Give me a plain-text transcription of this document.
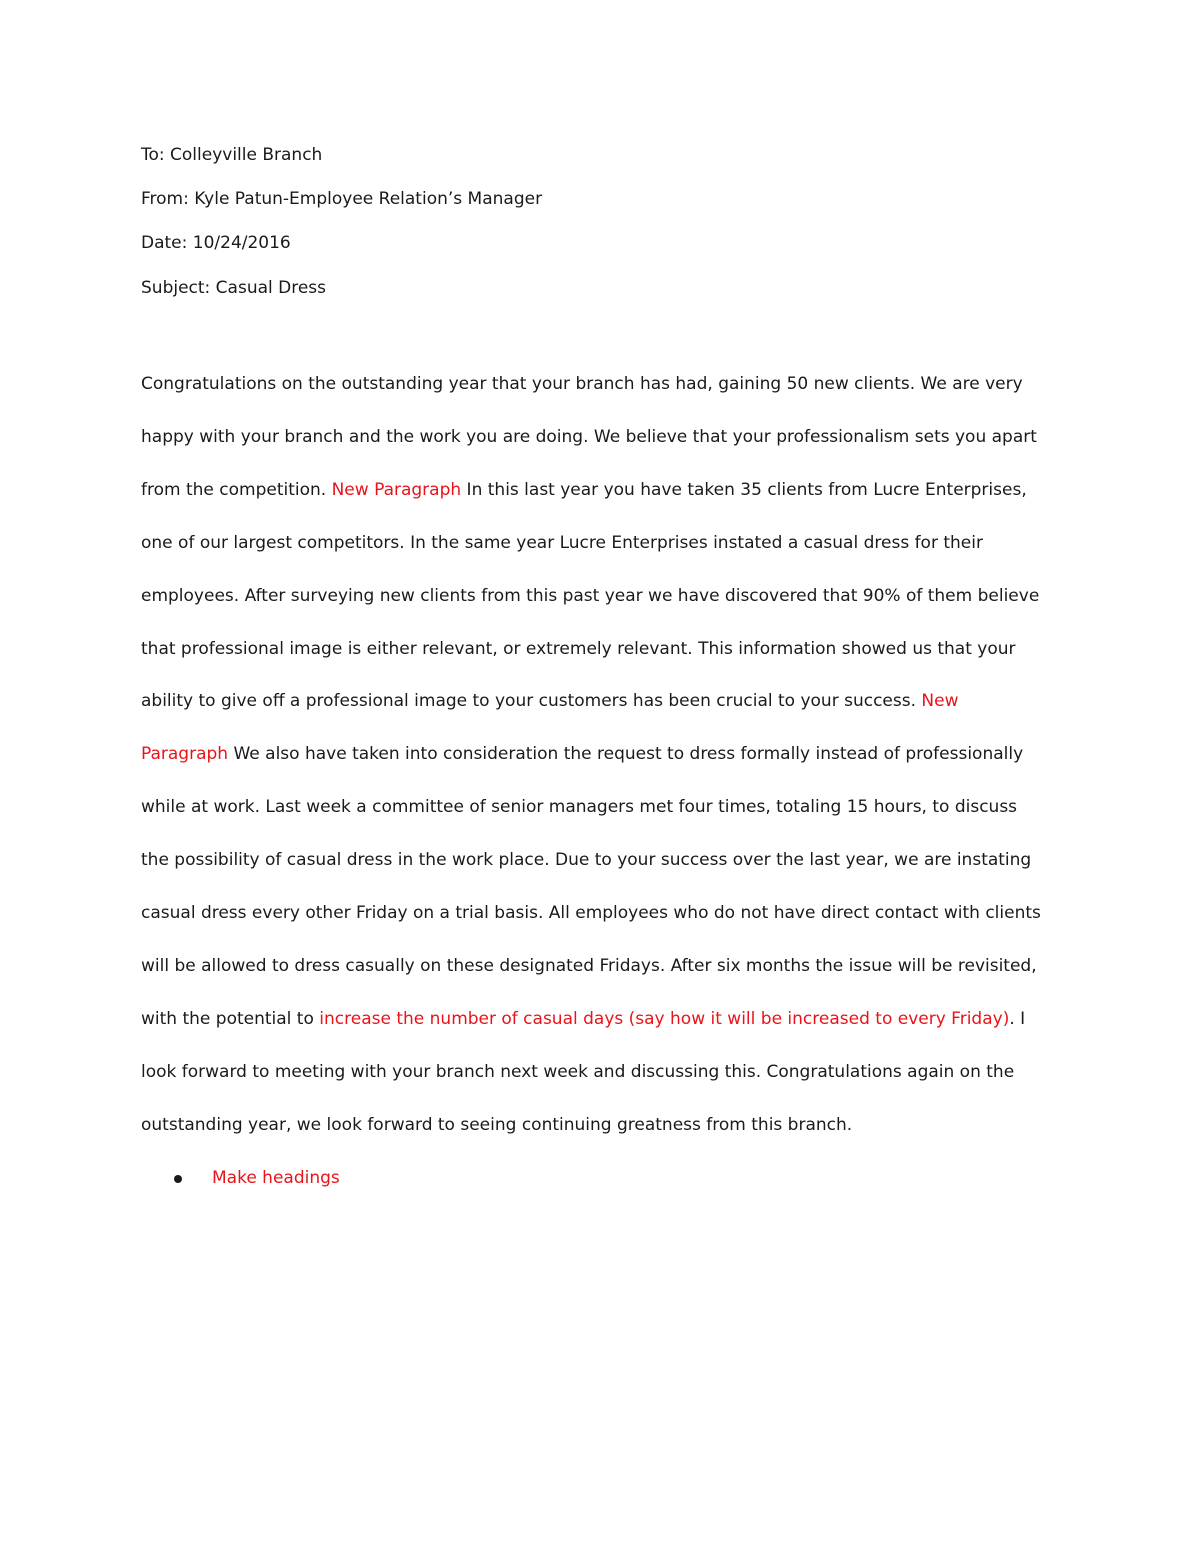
To: Colleyville Branch
From: Kyle Patun-Employee Relation’s Manager
Date: 10/24/2016
Subject: Casual Dress
Congratulations on the outstanding year that your branch has had, gaining 50 new clients. We are very
happy with your branch and the work you are doing. We believe that your professionalism sets you apart
from the competition. New Paragraph In this last year you have taken 35 clients from Lucre Enterprises,
one of our largest competitors. In the same year Lucre Enterprises instated a casual dress for their
employees. After surveying new clients from this past year we have discovered that 90% of them believe
that professional image is either relevant, or extremely relevant. This information showed us that your
ability to give off a professional image to your customers has been crucial to your success. New
Paragraph We also have taken into consideration the request to dress formally instead of professionally
while at work. Last week a committee of senior managers met four times, totaling 15 hours, to discuss
the possibility of casual dress in the work place. Due to your success over the last year, we are instating
casual dress every other Friday on a trial basis. All employees who do not have direct contact with clients
will be allowed to dress casually on these designated Fridays. After six months the issue will be revisited,
with the potential to increase the number of casual days (say how it will be increased to every Friday). I
look forward to meeting with your branch next week and discussing this. Congratulations again on the
outstanding year, we look forward to seeing continuing greatness from this branch.
Make headings
